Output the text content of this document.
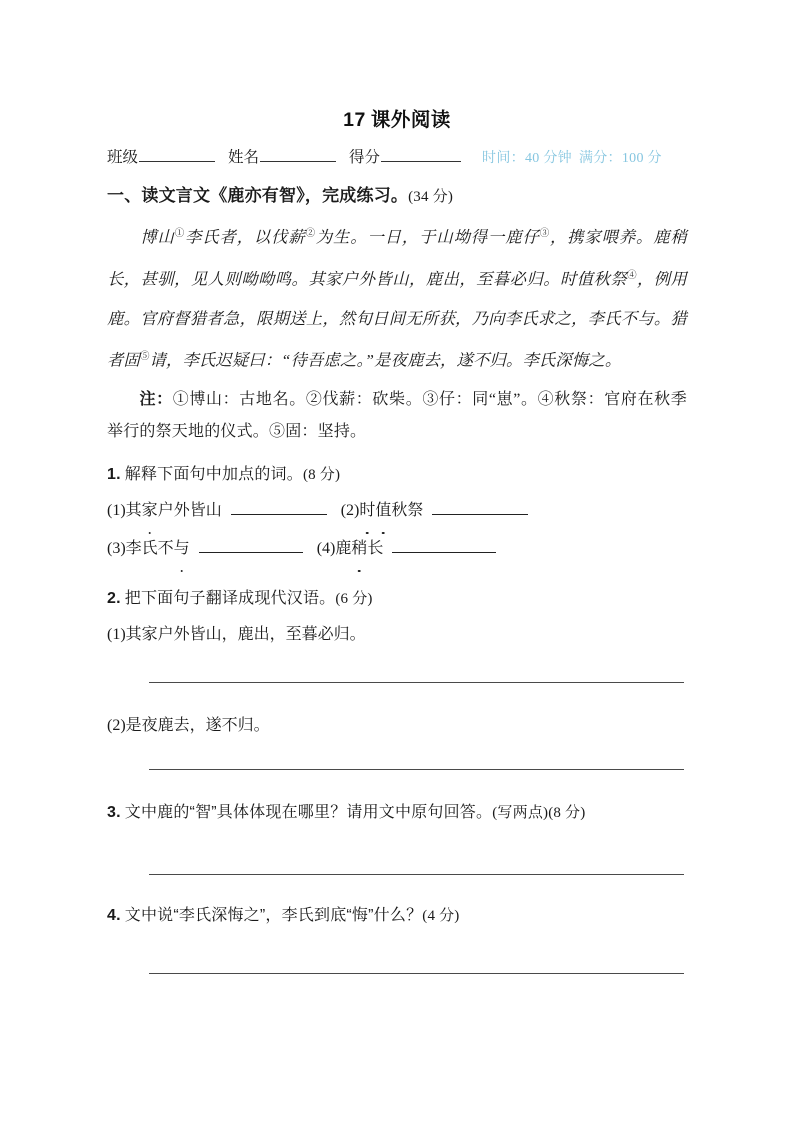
17 课外阅读
班级	姓名	得分	时间：40 分钟 满分：100 分
一、读文言文《鹿亦有智》，完成练习。(34 分)
博山①李氏者，以伐薪②为生。一日，于山坳得一鹿仔③，携家喂养。鹿稍长，甚驯，见人则呦呦鸣。其家户外皆山，鹿出，至暮必归。时值秋祭④，例用鹿。官府督猎者急，限期送上，然旬日间无所获，乃向李氏求之，李氏不与。猎者固⑤请，李氏迟疑曰：“待吾虑之。”是夜鹿去，遂不归。李氏深悔之。
注：①博山：古地名。②伐薪：砍柴。③仔：同“崽”。④秋祭：官府在秋季举行的祭天地的仪式。⑤固：坚持。
1. 解释下面句中加点的词。(8 分)
(1)其家户外皆山	(2)时值秋祭
(3)李氏不与	(4)鹿稍长
2. 把下面句子翻译成现代汉语。(6 分)
(1)其家户外皆山，鹿出，至暮必归。
(2)是夜鹿去，遂不归。
3. 文中鹿的“智”具体体现在哪里？请用文中原句回答。(写两点)(8 分)
4. 文中说“李氏深悔之”，李氏到底“悔”什么？(4 分)
